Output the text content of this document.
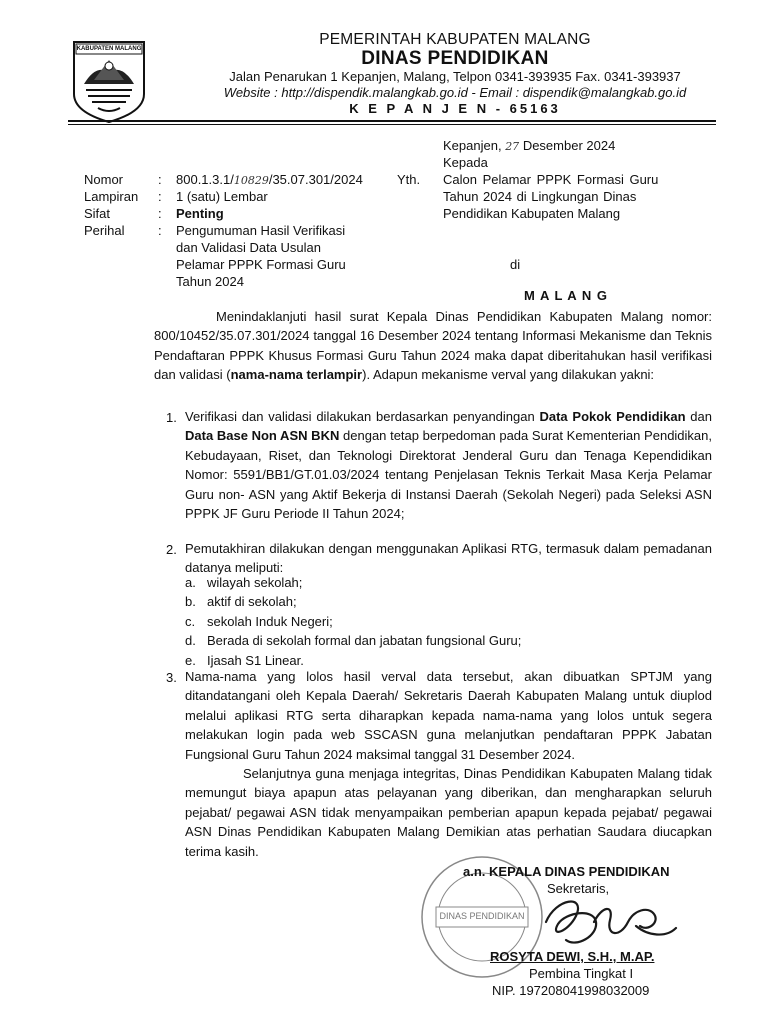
KABUPATEN MALANG
PEMERINTAH KABUPATEN MALANG
DINAS PENDIDIKAN
Jalan Penarukan 1 Kepanjen, Malang, Telpon 0341-393935 Fax. 0341-393937
Website : http://dispendik.malangkab.go.id - Email : dispendik@malangkab.go.id
K E P A N J E N - 65163
Kepanjen, 27 Desember 2024
Kepada
Nomor	: 800.1.3.1/10829/35.07.301/2024
Lampiran : 1 (satu) Lembar
Sifat	: Penting
Perihal	: Pengumuman Hasil Verifikasi
dan Validasi Data Usulan
Pelamar PPPK Formasi Guru
Tahun 2024
Yth. Calon Pelamar PPPK Formasi Guru
Tahun 2024 di Lingkungan Dinas
Pendidikan Kabupaten Malang
di
M A L A N G

Menindaklanjuti hasil surat Kepala Dinas Pendidikan Kabupaten Malang nomor: 800/10452/35.07.301/2024 tanggal 16 Desember 2024 tentang Informasi Mekanisme dan Teknis Pendaftaran PPPK Khusus Formasi Guru Tahun 2024 maka dapat diberitahukan hasil verifikasi dan validasi (nama-nama terlampir). Adapun mekanisme verval yang dilakukan yakni:

1. Verifikasi dan validasi dilakukan berdasarkan penyandingan Data Pokok Pendidikan dan Data Base Non ASN BKN dengan tetap berpedoman pada Surat Kementerian Pendidikan, Kebudayaan, Riset, dan Teknologi Direktorat Jenderal Guru dan Tenaga Kependidikan Nomor: 5591/BB1/GT.01.03/2024 tentang Penjelasan Teknis Terkait Masa Kerja Pelamar Guru non- ASN yang Aktif Bekerja di Instansi Daerah (Sekolah Negeri) pada Seleksi ASN PPPK JF Guru Periode II Tahun 2024;

2. Pemutakhiran dilakukan dengan menggunakan Aplikasi RTG, termasuk dalam pemadanan datanya meliputi:

a. wilayah sekolah;
b. aktif di sekolah;
c. sekolah Induk Negeri;
d. Berada di sekolah formal dan jabatan fungsional Guru;
e. Ijasah S1 Linear.
3. Nama-nama yang lolos hasil verval data tersebut, akan dibuatkan SPTJM yang ditandatangani oleh Kepala Daerah/ Sekretaris Daerah Kabupaten Malang untuk diuplod melalui aplikasi RTG serta diharapkan kepada nama-nama yang lolos untuk segera melakukan login pada web SSCASN guna melanjutkan pendaftaran PPPK Jabatan Fungsional Guru Tahun 2024 maksimal tanggal 31 Desember 2024.

Selanjutnya guna menjaga integritas, Dinas Pendidikan Kabupaten Malang tidak memungut biaya apapun atas pelayanan yang diberikan, dan mengharapkan seluruh pejabat/ pegawai ASN tidak menyampaikan pemberian apapun kepada pejabat/ pegawai ASN Dinas Pendidikan Kabupaten Malang Demikian atas perhatian Saudara diucapkan terima kasih.

DINAS PENDIDIKAN
a.n. KEPALA DINAS PENDIDIKAN
Sekretaris,
ROSYTA DEWI, S.H., M.AP.
Pembina Tingkat I
NIP. 197208041998032009
